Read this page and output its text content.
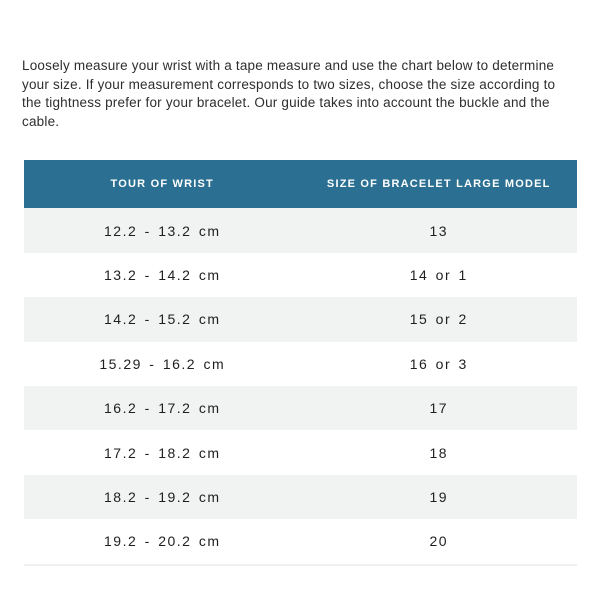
Loosely measure your wrist with a tape measure and use the chart below to determine your size. If your measurement corresponds to two sizes, choose the size according to the tightness prefer for your bracelet. Our guide takes into account the buckle and the cable.

TOUR OF WRIST	SIZE OF BRACELET LARGE MODEL
12.2 - 13.2 cm	13
13.2 - 14.2 cm	14 or 1
14.2 - 15.2 cm	15 or 2
15.29 - 16.2 cm	16 or 3
16.2 - 17.2 cm	17
17.2 - 18.2 cm	18
18.2 - 19.2 cm	19
19.2 - 20.2 cm	20
